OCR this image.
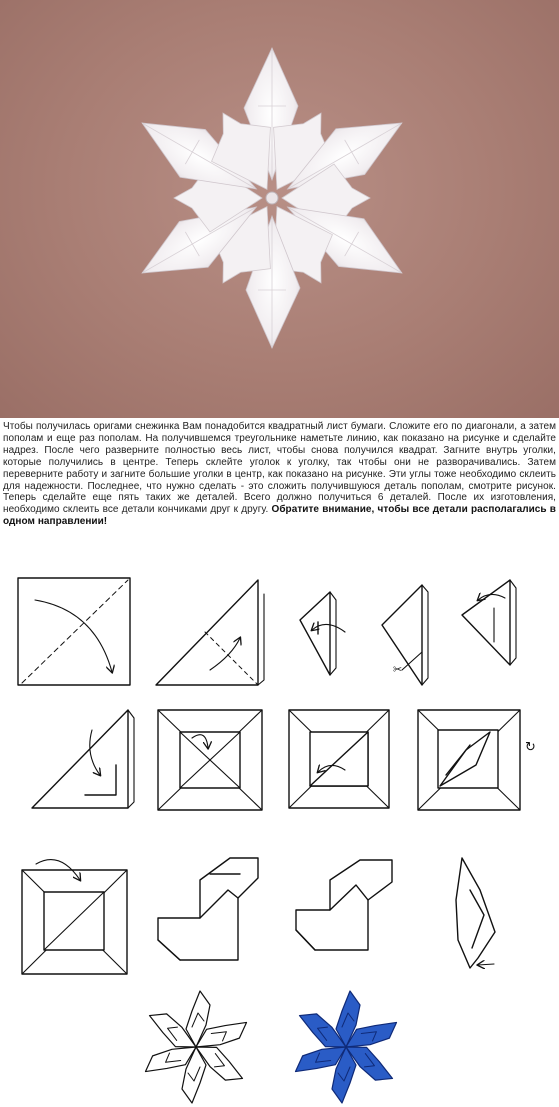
Чтобы получилась оригами снежинка Вам понадобится квадратный лист бумаги. Сложите его по диагонали, а затем пополам и еще раз пополам. На получившемся треугольнике наметьте линию, как показано на рисунке и сделайте надрез. После чего разверните полностью весь лист, чтобы снова получился квадрат. Загните внутрь уголки, которые получились в центре. Теперь склейте уголок к уголку, так чтобы они не разворачивались. Затем переверните работу и загните большие уголки в центр, как показано на рисунке. Эти углы тоже необходимо склеить для надежности. Последнее, что нужно сделать - это сложить получившуюся деталь пополам, смотрите рисунок. Теперь сделайте еще пять таких же деталей. Всего должно получиться 6 деталей. После их изготовления, необходимо склеить все детали кончиками друг к другу. Обратите внимание, чтобы все детали располагались в одном направлении!

✂
↻
